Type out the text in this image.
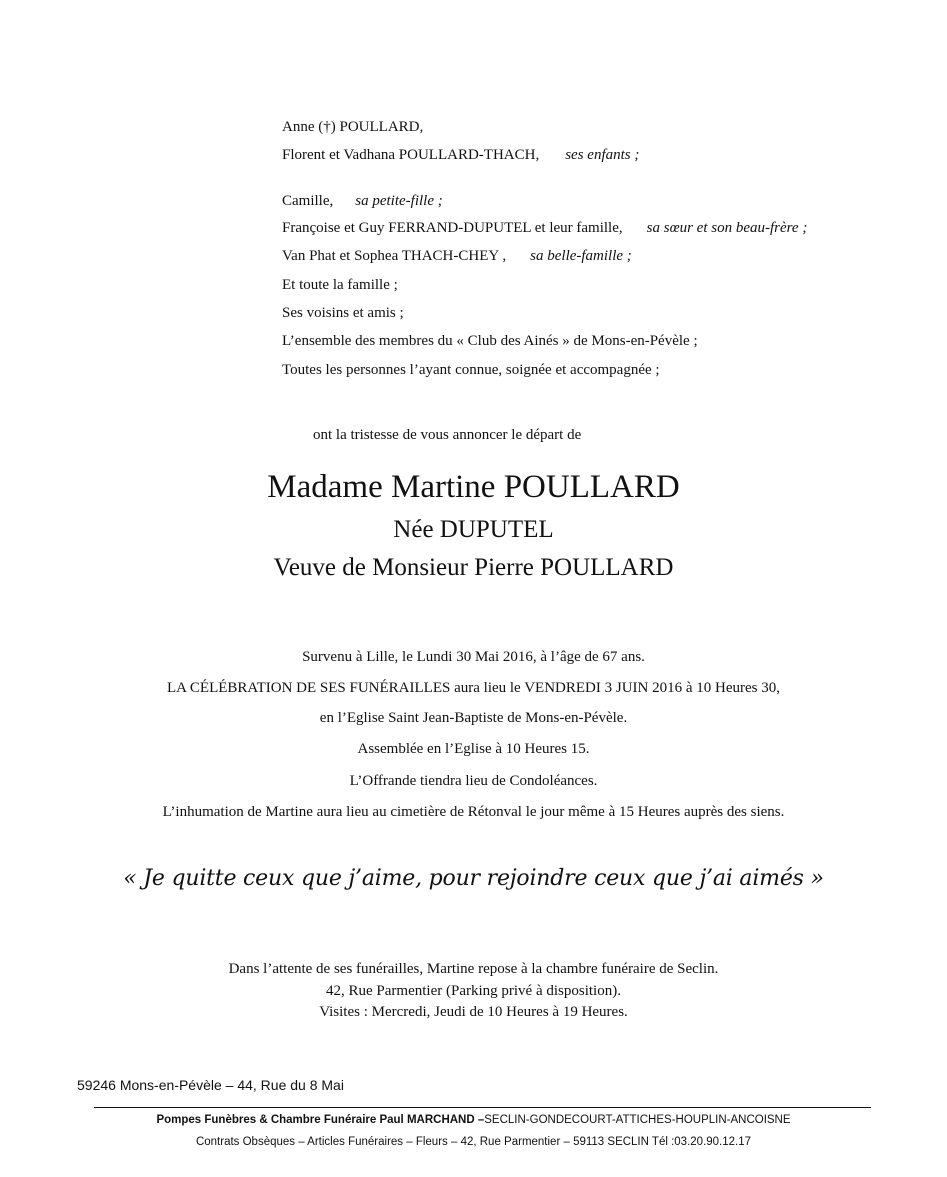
Anne (†) POULLARD,
Florent et Vadhana POULLARD-THACH, ses enfants ;
Camille, sa petite-fille ;
Françoise et Guy FERRAND-DUPUTEL et leur famille, sa sœur et son beau-frère ;
Van Phat et Sophea THACH-CHEY , sa belle-famille ;
Et toute la famille ;
Ses voisins et amis ;
L’ensemble des membres du « Club des Ainés » de Mons-en-Pévèle ;
Toutes les personnes l’ayant connue, soignée et accompagnée ;
ont la tristesse de vous annoncer le départ de
Madame Martine POULLARD
Née DUPUTEL
Veuve de Monsieur Pierre POULLARD
Survenu à Lille, le Lundi 30 Mai 2016, à l’âge de 67 ans.
LA CÉLÉBRATION DE SES FUNÉRAILLES aura lieu le VENDREDI 3 JUIN 2016 à 10 Heures 30,
en l’Eglise Saint Jean-Baptiste de Mons-en-Pévèle.
Assemblée en l’Eglise à 10 Heures 15.
L’Offrande tiendra lieu de Condoléances.
L’inhumation de Martine aura lieu au cimetière de Rétonval le jour même à 15 Heures auprès des siens.
« Je quitte ceux que j’aime, pour rejoindre ceux que j’ai aimés »
Dans l’attente de ses funérailles, Martine repose à la chambre funéraire de Seclin.
42, Rue Parmentier (Parking privé à disposition).
Visites : Mercredi, Jeudi de 10 Heures à 19 Heures.
59246 Mons-en-Pévèle – 44, Rue du 8 Mai
Pompes Funèbres & Chambre Funéraire Paul MARCHAND –SECLIN-GONDECOURT-ATTICHES-HOUPLIN-ANCOISNE
Contrats Obsèques – Articles Funéraires – Fleurs – 42, Rue Parmentier – 59113 SECLIN Tél :03.20.90.12.17
